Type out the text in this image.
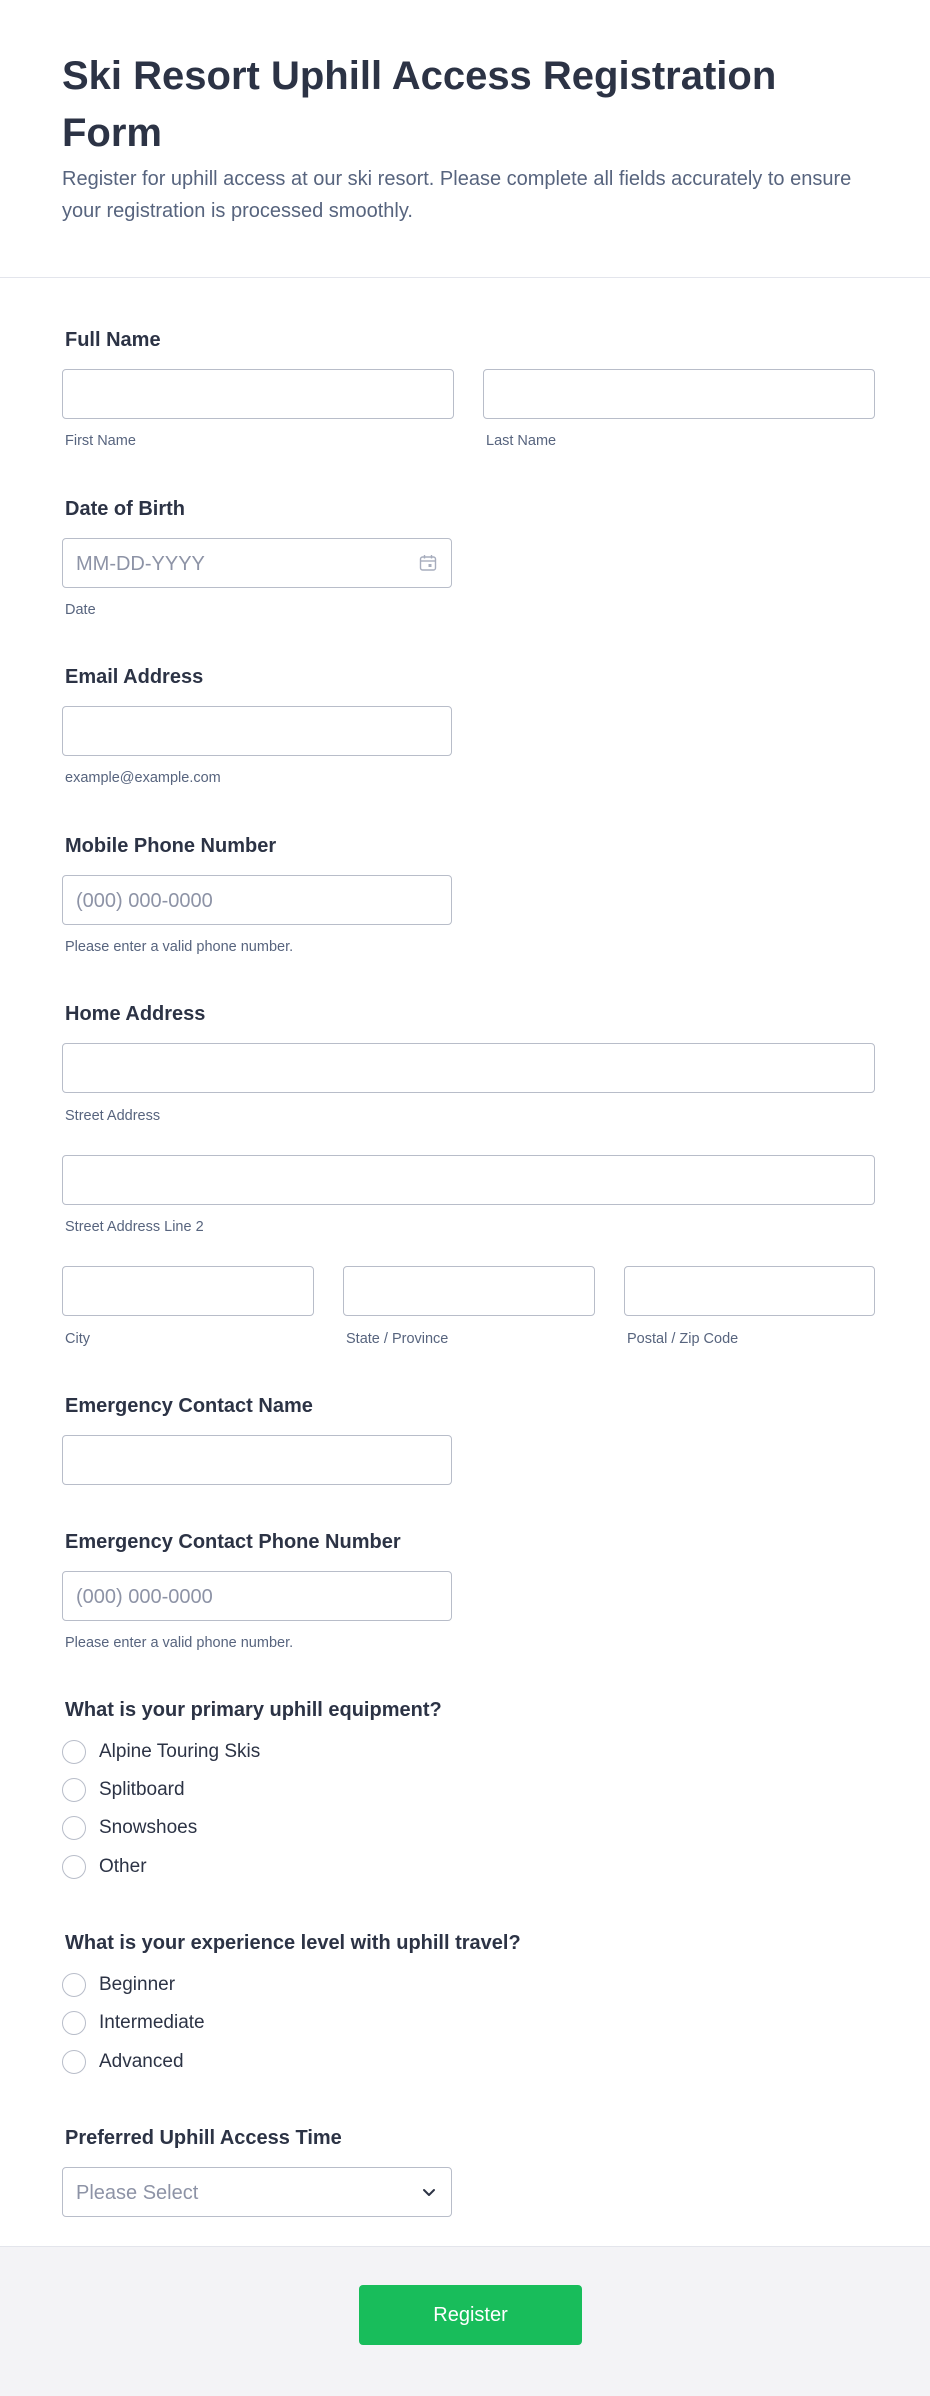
Ski Resort Uphill Access Registration Form

Register for uphill access at our ski resort. Please complete all fields accurately to ensure your registration is processed smoothly.

Full Name
First Name	Last Name
Date of Birth
MM-DD-YYYY
Date
Email Address
example@example.com
Mobile Phone Number
(000) 000-0000
Please enter a valid phone number.
Home Address
Street Address
Street Address Line 2
City	State / Province	Postal / Zip Code
Emergency Contact Name
Emergency Contact Phone Number
(000) 000-0000
Please enter a valid phone number.
What is your primary uphill equipment?
Alpine Touring Skis
Splitboard
Snowshoes
Other
What is your experience level with uphill travel?
Beginner
Intermediate
Advanced
Preferred Uphill Access Time
Please Select
Register
